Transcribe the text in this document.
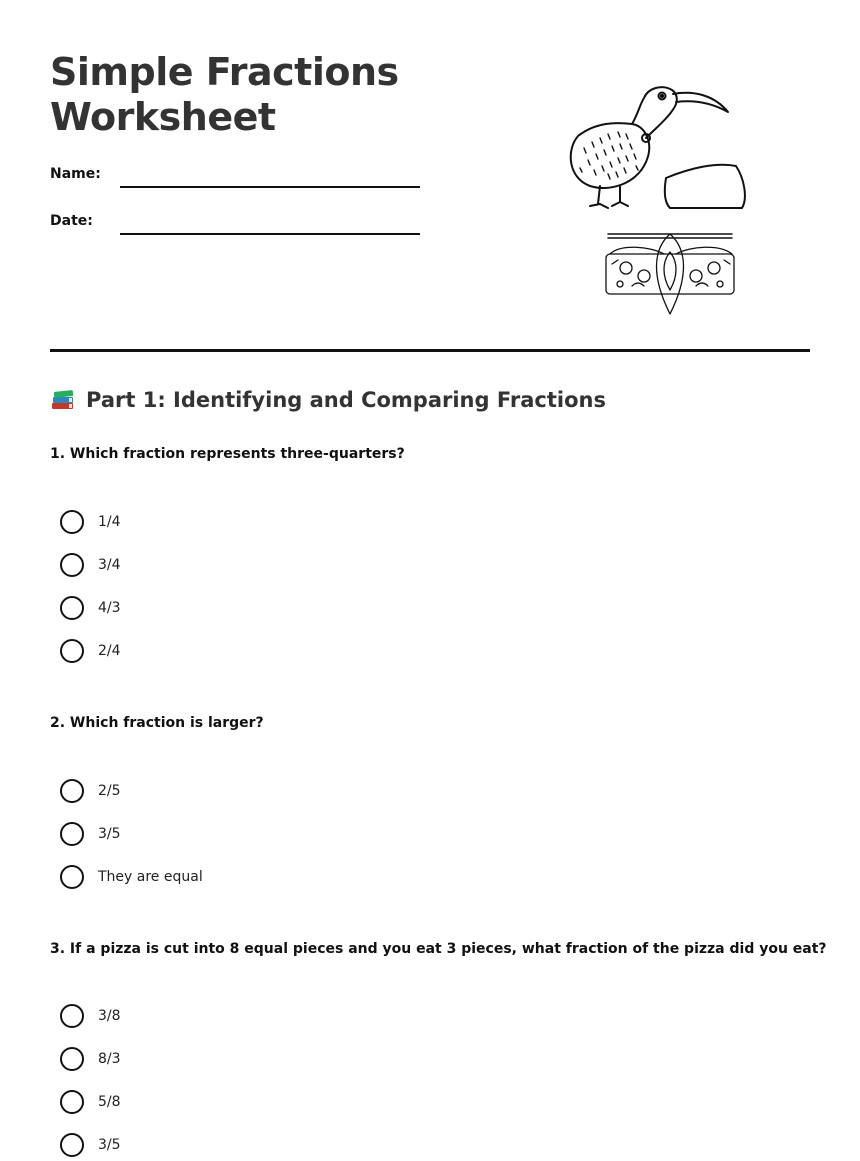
Simple Fractions
Worksheet
Name:
Date:
Part 1: Identifying and Comparing Fractions

1. Which fraction represents three-quarters?

1/4
3/4
4/3
2/4

2. Which fraction is larger?

2/5
3/5
They are equal

3. If a pizza is cut into 8 equal pieces and you eat 3 pieces, what fraction of the pizza did you eat?

3/8
8/3
5/8
3/5
